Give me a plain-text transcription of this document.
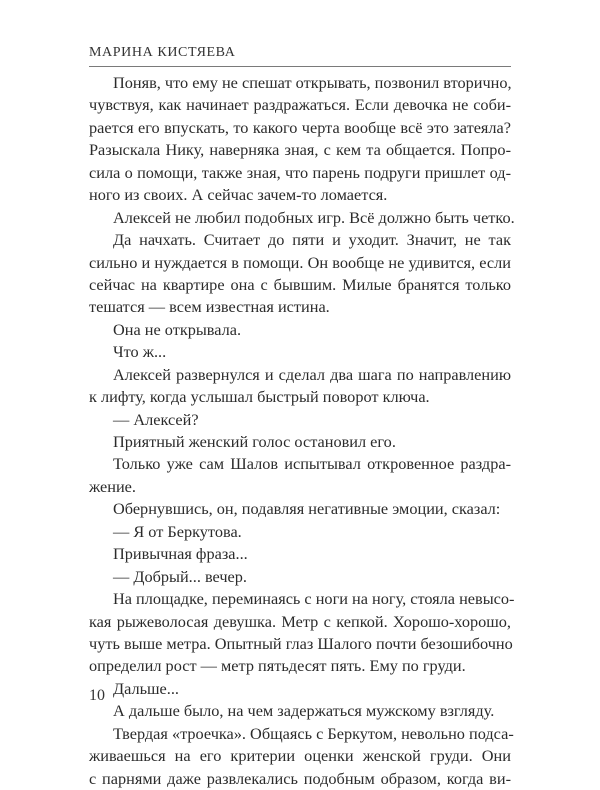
МАРИНА КИСТЯЕВА
Поняв, что ему не спешат открывать, позвонил вторично,
чувствуя, как начинает раздражаться. Если девочка не соби-
рается его впускать, то какого черта вообще всё это затеяла?
Разыскала Нику, наверняка зная, с кем та общается. Попро-
сила о помощи, также зная, что парень подруги пришлет од-
ного из своих. А сейчас зачем-то ломается.
Алексей не любил подобных игр. Всё должно быть четко.
Да начхать. Считает до пяти и уходит. Значит, не так
сильно и нуждается в помощи. Он вообще не удивится, если
сейчас на квартире она с бывшим. Милые бранятся только
тешатся — всем известная истина.
Она не открывала.
Что ж...
Алексей развернулся и сделал два шага по направлению
к лифту, когда услышал быстрый поворот ключа.
— Алексей?
Приятный женский голос остановил его.
Только уже сам Шалов испытывал откровенное раздра-
жение.
Обернувшись, он, подавляя негативные эмоции, сказал:
— Я от Беркутова.
Привычная фраза...
— Добрый... вечер.
На площадке, переминаясь с ноги на ногу, стояла невысо-
кая рыжеволосая девушка. Метр с кепкой. Хорошо-хорошо,
чуть выше метра. Опытный глаз Шалого почти безошибочно
определил рост — метр пятьдесят пять. Ему по груди.
Дальше...
А дальше было, на чем задержаться мужскому взгляду.
Твердая «троечка». Общаясь с Беркутом, невольно подса-
живаешься на его критерии оценки женской груди. Они
с парнями даже развлекались подобным образом, когда ви-
10
